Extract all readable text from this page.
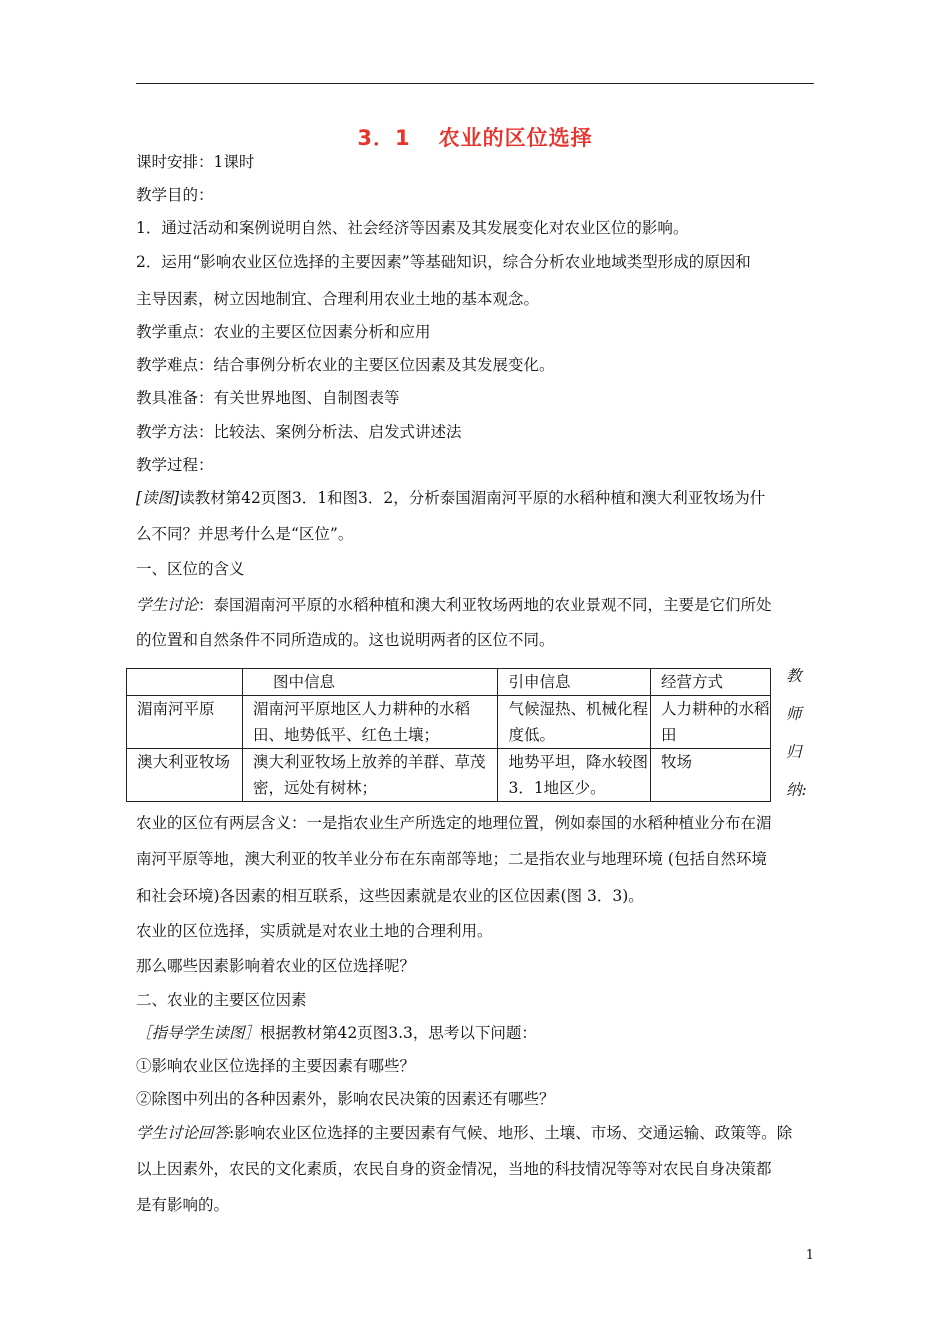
3．1 农业的区位选择
课时安排：1课时
教学目的：
1．通过活动和案例说明自然、社会经济等因素及其发展变化对农业区位的影响。
2．运用“影响农业区位选择的主要因素”等基础知识，综合分析农业地域类型形成的原因和
主导因素，树立因地制宜、合理利用农业土地的基本观念。
教学重点：农业的主要区位因素分析和应用
教学难点：结合事例分析农业的主要区位因素及其发展变化。
教具准备：有关世界地图、自制图表等
教学方法：比较法、案例分析法、启发式讲述法
教学过程：
[读图]读教材第42页图3．1和图3．2，分析泰国湄南河平原的水稻种植和澳大利亚牧场为什
么不同？并思考什么是“区位”。
一、区位的含义
学生讨论：泰国湄南河平原的水稻种植和澳大利亚牧场两地的农业景观不同，主要是它们所处
的位置和自然条件不同所造成的。这也说明两者的区位不同。
	图中信息	引申信息	经营方式
湄南河平原	湄南河平原地区人力耕种的水稻田、地势低平、红色土壤；	气候湿热、机械化程度低。	人力耕种的水稻田
澳大利亚牧场	澳大利亚牧场上放养的羊群、草茂密，远处有树林；	地势平坦，降水较图3．1地区少。	牧场
教
师
归
纳:
农业的区位有两层含义：一是指农业生产所选定的地理位置，例如泰国的水稻种植业分布在湄
南河平原等地，澳大利亚的牧羊业分布在东南部等地；二是指农业与地理环境 (包括自然环境
和社会环境)各因素的相互联系，这些因素就是农业的区位因素(图 3．3)。
农业的区位选择，实质就是对农业土地的合理利用。
那么哪些因素影响着农业的区位选择呢？
二、农业的主要区位因素
［指导学生读图］根据教材第42页图3.3，思考以下问题：
①影响农业区位选择的主要因素有哪些？
②除图中列出的各种因素外，影响农民决策的因素还有哪些？
学生讨论回答:影响农业区位选择的主要因素有气候、地形、土壤、市场、交通运输、政策等。除
以上因素外，农民的文化素质，农民自身的资金情况，当地的科技情况等等对农民自身决策都
是有影响的。
1
